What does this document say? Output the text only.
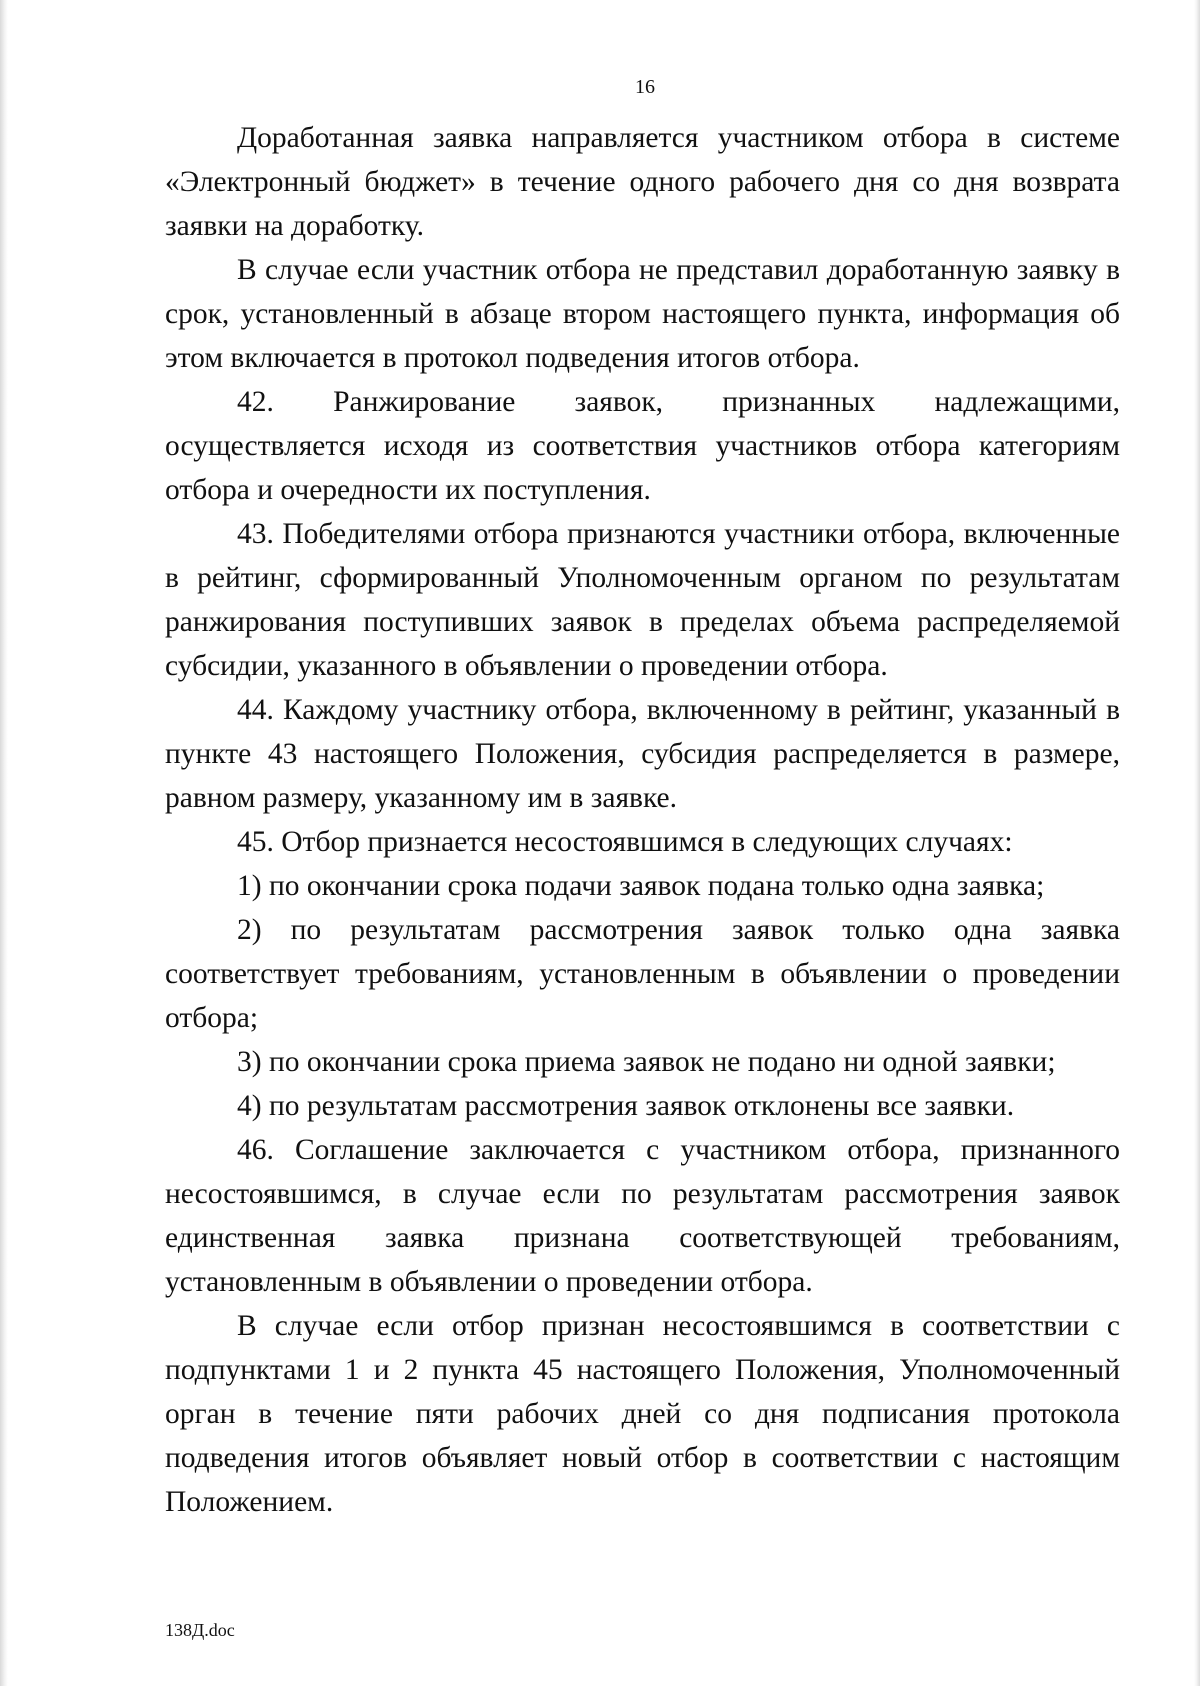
16

Доработанная заявка направляется участником отбора в системе «Электронный бюджет» в течение одного рабочего дня со дня возврата заявки на доработку.

В случае если участник отбора не представил доработанную заявку в срок, установленный в абзаце втором настоящего пункта, информация об этом включается в протокол подведения итогов отбора.

42. Ранжирование заявок, признанных надлежащими, осуществляется исходя из соответствия участников отбора категориям отбора и очередности их поступления.

43. Победителями отбора признаются участники отбора, включенные в рейтинг, сформированный Уполномоченным органом по результатам ранжирования поступивших заявок в пределах объема распределяемой субсидии, указанного в объявлении о проведении отбора.

44. Каждому участнику отбора, включенному в рейтинг, указанный в пункте 43 настоящего Положения, субсидия распределяется в размере, равном размеру, указанному им в заявке.

45. Отбор признается несостоявшимся в следующих случаях:

1) по окончании срока подачи заявок подана только одна заявка;

2) по результатам рассмотрения заявок только одна заявка соответствует требованиям, установленным в объявлении о проведении отбора;

3) по окончании срока приема заявок не подано ни одной заявки;

4) по результатам рассмотрения заявок отклонены все заявки.

46. Соглашение заключается с участником отбора, признанного несостоявшимся, в случае если по результатам рассмотрения заявок единственная заявка признана соответствующей требованиям, установленным в объявлении о проведении отбора.

В случае если отбор признан несостоявшимся в соответствии с подпунктами 1 и 2 пункта 45 настоящего Положения, Уполномоченный орган в течение пяти рабочих дней со дня подписания протокола подведения итогов объявляет новый отбор в соответствии с настоящим Положением.

138Д.doc
